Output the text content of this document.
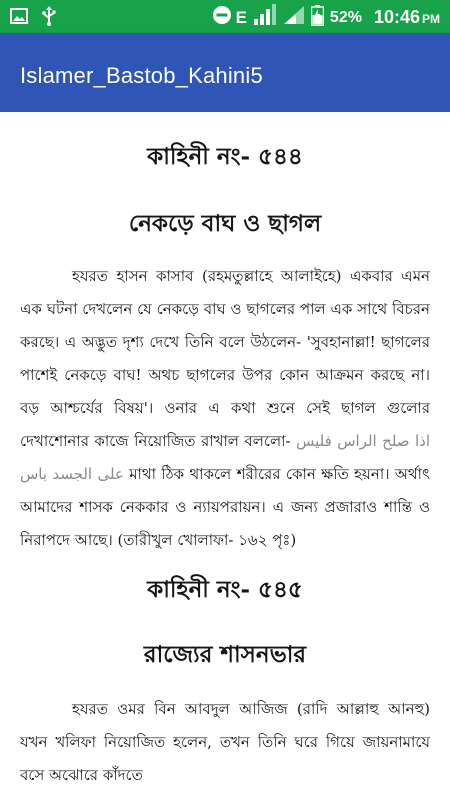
E	52% 10:46 PM
Islamer_Bastob_Kahini5
কাহিনী নং- ৫৪৪
নেকড়ে বাঘ ও ছাগল
হযরত হাসন কাসাব (রহমতুল্লাহে আলাইহে) একবার এমন এক ঘটনা দেখলেন যে নেকড়ে বাঘ ও ছাগলের পাল এক সাথে বিচরন করছে। এ অদ্ভুত দৃশ্য দেখে তিনি বলে উঠলেন- 'সুবহানাল্লা! ছাগলের পাশেই নেকড়ে বাঘ! অথচ ছাগলের উপর কোন আক্রমন করছে না। বড় আশ্চর্যের বিষয়'। ওনার এ কথা শুনে সেই ছাগল গুলোর দেখাশোনার কাজে নিয়োজিত রাখাল বললো- اذا صلح الراس فليس على الجسد باس মাথা ঠিক থাকলে শরীরের কোন ক্ষতি হয়না। অর্থাৎ আমাদের শাসক নেককার ও ন্যায়পরায়ন। এ জন্য প্রজারাও শান্তি ও নিরাপদে আছে। (তারীখুল খোলাফা- ১৬২ পৃঃ)
কাহিনী নং- ৫৪৫
রাজ্যের শাসনভার
হযরত ওমর বিন আবদুল আজিজ (রাদি আল্লাহু আনহু) যখন খলিফা নিয়োজিত হলেন, তখন তিনি ঘরে গিয়ে জায়নামাযে বসে অঝোরে কাঁদতে
